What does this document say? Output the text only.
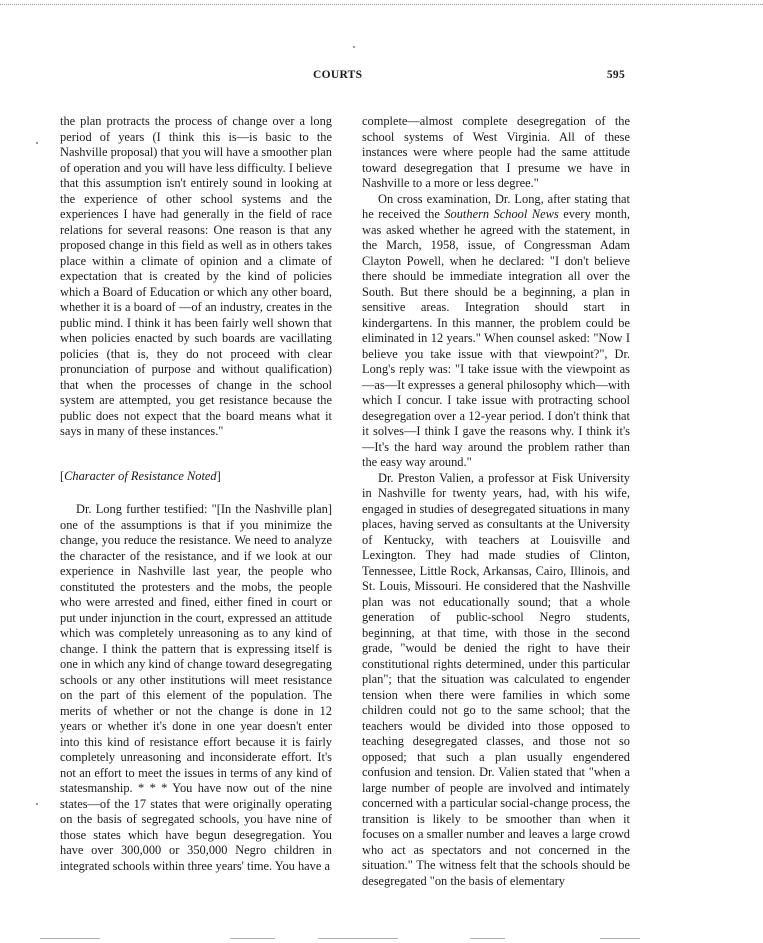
COURTS	595

the plan protracts the process of change over a long period of years (I think this is—is basic to the Nashville proposal) that you will have a smoother plan of operation and you will have less difficulty. I believe that this assumption isn't entirely sound in looking at the experience of other school systems and the experiences I have had generally in the field of race relations for several reasons: One reason is that any proposed change in this field as well as in others takes place within a climate of opinion and a climate of expectation that is created by the kind of policies which a Board of Education or which any other board, whether it is a board of —of an industry, creates in the public mind. I think it has been fairly well shown that when policies enacted by such boards are vacillating policies (that is, they do not proceed with clear pronunciation of purpose and without qualification) that when the processes of change in the school system are attempted, you get resistance because the public does not expect that the board means what it says in many of these instances."

[Character of Resistance Noted]

Dr. Long further testified: "[In the Nashville plan] one of the assumptions is that if you minimize the change, you reduce the resistance. We need to analyze the character of the resistance, and if we look at our experience in Nashville last year, the people who constituted the protesters and the mobs, the people who were arrested and fined, either fined in court or put under injunction in the court, expressed an attitude which was completely unreasoning as to any kind of change. I think the pattern that is expressing itself is one in which any kind of change toward desegregating schools or any other institutions will meet resistance on the part of this element of the population. The merits of whether or not the change is done in 12 years or whether it's done in one year doesn't enter into this kind of resistance effort because it is fairly completely unreasoning and inconsiderate effort. It's not an effort to meet the issues in terms of any kind of statesmanship. * * * You have now out of the nine states—of the 17 states that were originally operating on the basis of segregated schools, you have nine of those states which have begun desegregation. You have over 300,000 or 350,000 Negro children in integrated schools within three years' time. You have a

complete—almost complete desegregation of the school systems of West Virginia. All of these instances were where people had the same attitude toward desegregation that I presume we have in Nashville to a more or less degree."

On cross examination, Dr. Long, after stating that he received the Southern School News every month, was asked whether he agreed with the statement, in the March, 1958, issue, of Congressman Adam Clayton Powell, when he declared: "I don't believe there should be immediate integration all over the South. But there should be a beginning, a plan in sensitive areas. Integration should start in kindergartens. In this manner, the problem could be eliminated in 12 years." When counsel asked: "Now I believe you take issue with that viewpoint?", Dr. Long's reply was: "I take issue with the viewpoint as—as—It expresses a general philosophy which—with which I concur. I take issue with protracting school desegregation over a 12-year period. I don't think that it solves—I think I gave the reasons why. I think it's—It's the hard way around the problem rather than the easy way around."

Dr. Preston Valien, a professor at Fisk University in Nashville for twenty years, had, with his wife, engaged in studies of desegregated situations in many places, having served as consultants at the University of Kentucky, with teachers at Louisville and Lexington. They had made studies of Clinton, Tennessee, Little Rock, Arkansas, Cairo, Illinois, and St. Louis, Missouri. He considered that the Nashville plan was not educationally sound; that a whole generation of public-school Negro students, beginning, at that time, with those in the second grade, "would be denied the right to have their constitutional rights determined, under this particular plan"; that the situation was calculated to engender tension when there were families in which some children could not go to the same school; that the teachers would be divided into those opposed to teaching desegregated classes, and those not so opposed; that such a plan usually engendered confusion and tension. Dr. Valien stated that "when a large number of people are involved and intimately concerned with a particular social-change process, the transition is likely to be smoother than when it focuses on a smaller number and leaves a large crowd who act as spectators and not concerned in the situation." The witness felt that the schools should be desegregated "on the basis of elementary
